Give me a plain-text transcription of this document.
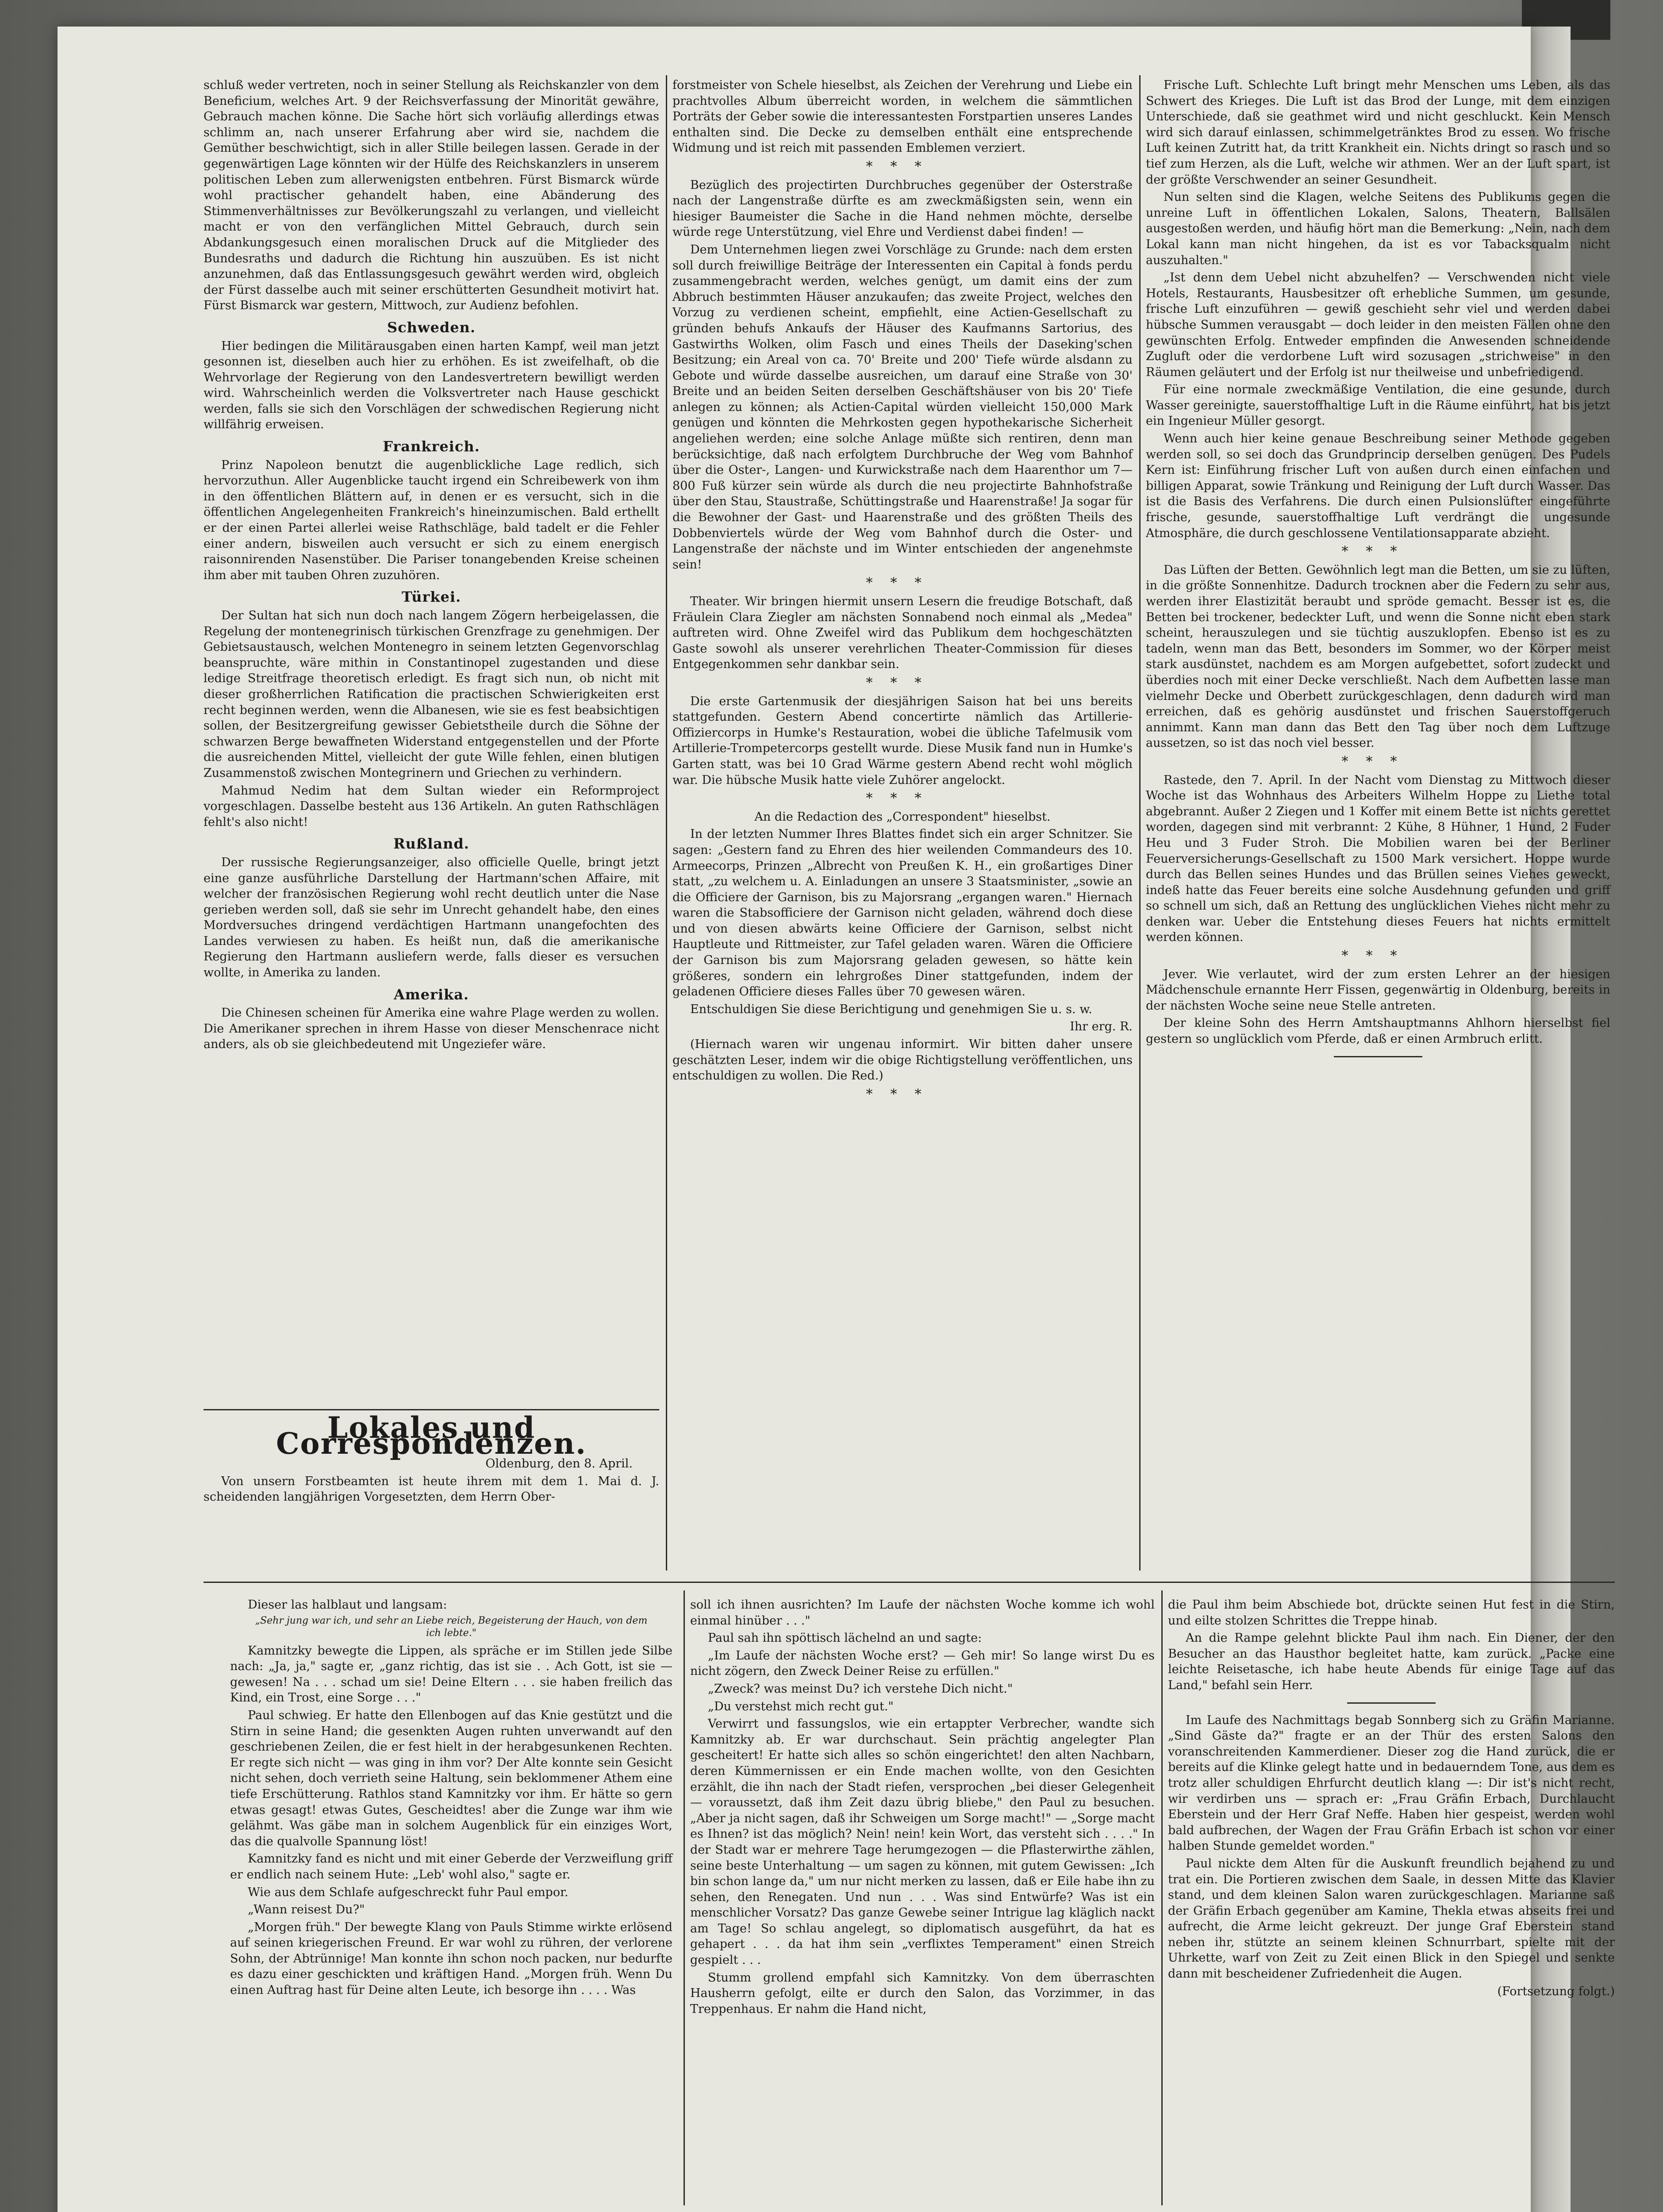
schluß weder vertreten, noch in seiner Stellung als Reichskanzler von dem Beneficium, welches Art. 9 der Reichsverfassung der Minorität gewähre, Gebrauch machen könne. Die Sache hört sich vorläufig allerdings etwas schlimm an, nach unserer Erfahrung aber wird sie, nachdem die Gemüther beschwichtigt, sich in aller Stille beilegen lassen. Gerade in der gegenwärtigen Lage könnten wir der Hülfe des Reichskanzlers in unserem politischen Leben zum allerwenigsten entbehren. Fürst Bismarck würde wohl practischer gehandelt haben, eine Abänderung des Stimmenverhältnisses zur Bevölkerungszahl zu verlangen, und vielleicht macht er von den verfänglichen Mittel Gebrauch, durch sein Abdankungsgesuch einen moralischen Druck auf die Mitglieder des Bundesraths und dadurch die Richtung hin auszuüben. Es ist nicht anzunehmen, daß das Entlassungsgesuch gewährt werden wird, obgleich der Fürst dasselbe auch mit seiner erschütterten Gesundheit motivirt hat. Fürst Bismarck war gestern, Mittwoch, zur Audienz befohlen.

Schweden.

Hier bedingen die Militärausgaben einen harten Kampf, weil man jetzt gesonnen ist, dieselben auch hier zu erhöhen. Es ist zweifelhaft, ob die Wehrvorlage der Regierung von den Landesvertretern bewilligt werden wird. Wahrscheinlich werden die Volksvertreter nach Hause geschickt werden, falls sie sich den Vorschlägen der schwedischen Regierung nicht willfährig erweisen.

Frankreich.

Prinz Napoleon benutzt die augenblickliche Lage redlich, sich hervorzuthun. Aller Augenblicke taucht irgend ein Schreibewerk von ihm in den öffentlichen Blättern auf, in denen er es versucht, sich in die öffentlichen Angelegenheiten Frankreich's hineinzumischen. Bald erthellt er der einen Partei allerlei weise Rathschläge, bald tadelt er die Fehler einer andern, bisweilen auch versucht er sich zu einem energisch raisonnirenden Nasenstüber. Die Pariser tonangebenden Kreise scheinen ihm aber mit tauben Ohren zuzuhören.

Türkei.

Der Sultan hat sich nun doch nach langem Zögern herbeigelassen, die Regelung der montenegrinisch türkischen Grenzfrage zu genehmigen. Der Gebietsaustausch, welchen Montenegro in seinem letzten Gegenvorschlag beanspruchte, wäre mithin in Constantinopel zugestanden und diese ledige Streitfrage theoretisch erledigt. Es fragt sich nun, ob nicht mit dieser großherrlichen Ratification die practischen Schwierigkeiten erst recht beginnen werden, wenn die Albanesen, wie sie es fest beabsichtigen sollen, der Besitzergreifung gewisser Gebietstheile durch die Söhne der schwarzen Berge bewaffneten Widerstand entgegenstellen und der Pforte die ausreichenden Mittel, vielleicht der gute Wille fehlen, einen blutigen Zusammenstoß zwischen Montegrinern und Griechen zu verhindern.

Mahmud Nedim hat dem Sultan wieder ein Reformproject vorgeschlagen. Dasselbe besteht aus 136 Artikeln. An guten Rathschlägen fehlt's also nicht!

Rußland.

Der russische Regierungsanzeiger, also officielle Quelle, bringt jetzt eine ganze ausführliche Darstellung der Hartmann'schen Affaire, mit welcher der französischen Regierung wohl recht deutlich unter die Nase gerieben werden soll, daß sie sehr im Unrecht gehandelt habe, den eines Mordversuches dringend verdächtigen Hartmann unangefochten des Landes verwiesen zu haben. Es heißt nun, daß die amerikanische Regierung den Hartmann ausliefern werde, falls dieser es versuchen wollte, in Amerika zu landen.

Amerika.

Die Chinesen scheinen für Amerika eine wahre Plage werden zu wollen. Die Amerikaner sprechen in ihrem Hasse von dieser Menschenrace nicht anders, als ob sie gleichbedeutend mit Ungeziefer wäre.

Lokales und Correspondenzen.
Oldenburg, den 8. April.

Von unsern Forstbeamten ist heute ihrem mit dem 1. Mai d. J. scheidenden langjährigen Vorgesetzten, dem Herrn Ober-

forstmeister von Schele hieselbst, als Zeichen der Verehrung und Liebe ein prachtvolles Album überreicht worden, in welchem die sämmtlichen Porträts der Geber sowie die interessantesten Forstpartien unseres Landes enthalten sind. Die Decke zu demselben enthält eine entsprechende Widmung und ist reich mit passenden Emblemen verziert.

***

Bezüglich des projectirten Durchbruches gegenüber der Osterstraße nach der Langenstraße dürfte es am zweckmäßigsten sein, wenn ein hiesiger Baumeister die Sache in die Hand nehmen möchte, derselbe würde rege Unterstützung, viel Ehre und Verdienst dabei finden! —

Dem Unternehmen liegen zwei Vorschläge zu Grunde: nach dem ersten soll durch freiwillige Beiträge der Interessenten ein Capital à fonds perdu zusammengebracht werden, welches genügt, um damit eins der zum Abbruch bestimmten Häuser anzukaufen; das zweite Project, welches den Vorzug zu verdienen scheint, empfiehlt, eine Actien-Gesellschaft zu gründen behufs Ankaufs der Häuser des Kaufmanns Sartorius, des Gastwirths Wolken, olim Fasch und eines Theils der Daseking'schen Besitzung; ein Areal von ca. 70' Breite und 200' Tiefe würde alsdann zu Gebote und würde dasselbe ausreichen, um darauf eine Straße von 30' Breite und an beiden Seiten derselben Geschäftshäuser von bis 20' Tiefe anlegen zu können; als Actien-Capital würden vielleicht 150,000 Mark genügen und könnten die Mehrkosten gegen hypothekarische Sicherheit angeliehen werden; eine solche Anlage müßte sich rentiren, denn man berücksichtige, daß nach erfolgtem Durchbruche der Weg vom Bahnhof über die Oster-, Langen- und Kurwickstraße nach dem Haarenthor um 7—800 Fuß kürzer sein würde als durch die neu projectirte Bahnhofstraße über den Stau, Staustraße, Schüttingstraße und Haarenstraße! Ja sogar für die Bewohner der Gast- und Haarenstraße und des größten Theils des Dobbenviertels würde der Weg vom Bahnhof durch die Oster- und Langenstraße der nächste und im Winter entschieden der angenehmste sein!

***

Theater. Wir bringen hiermit unsern Lesern die freudige Botschaft, daß Fräulein Clara Ziegler am nächsten Sonnabend noch einmal als „Medea" auftreten wird. Ohne Zweifel wird das Publikum dem hochgeschätzten Gaste sowohl als unserer verehrlichen Theater-Commission für dieses Entgegenkommen sehr dankbar sein.

***

Die erste Gartenmusik der diesjährigen Saison hat bei uns bereits stattgefunden. Gestern Abend concertirte nämlich das Artillerie-Offiziercorps in Humke's Restauration, wobei die übliche Tafelmusik vom Artillerie-Trompetercorps gestellt wurde. Diese Musik fand nun in Humke's Garten statt, was bei 10 Grad Wärme gestern Abend recht wohl möglich war. Die hübsche Musik hatte viele Zuhörer angelockt.

***

An die Redaction des „Correspondent" hieselbst.

In der letzten Nummer Ihres Blattes findet sich ein arger Schnitzer. Sie sagen: „Gestern fand zu Ehren des hier weilenden Commandeurs des 10. Armeecorps, Prinzen „Albrecht von Preußen K. H., ein großartiges Diner statt, „zu welchem u. A. Einladungen an unsere 3 Staatsminister, „sowie an die Officiere der Garnison, bis zu Majorsrang „ergangen waren." Hiernach waren die Stabsofficiere der Garnison nicht geladen, während doch diese und von diesen abwärts keine Officiere der Garnison, selbst nicht Hauptleute und Rittmeister, zur Tafel geladen waren. Wären die Officiere der Garnison bis zum Majorsrang geladen gewesen, so hätte kein größeres, sondern ein lehrgroßes Diner stattgefunden, indem der geladenen Officiere dieses Falles über 70 gewesen wären.

Entschuldigen Sie diese Berichtigung und genehmigen Sie u. s. w.

Ihr erg. R.

(Hiernach waren wir ungenau informirt. Wir bitten daher unsere geschätzten Leser, indem wir die obige Richtigstellung veröffentlichen, uns entschuldigen zu wollen. Die Red.)

***

Frische Luft. Schlechte Luft bringt mehr Menschen ums Leben, als das Schwert des Krieges. Die Luft ist das Brod der Lunge, mit dem einzigen Unterschiede, daß sie geathmet wird und nicht geschluckt. Kein Mensch wird sich darauf einlassen, schimmelgetränktes Brod zu essen. Wo frische Luft keinen Zutritt hat, da tritt Krankheit ein. Nichts dringt so rasch und so tief zum Herzen, als die Luft, welche wir athmen. Wer an der Luft spart, ist der größte Verschwender an seiner Gesundheit.

Nun selten sind die Klagen, welche Seitens des Publikums gegen die unreine Luft in öffentlichen Lokalen, Salons, Theatern, Ballsälen ausgestoßen werden, und häufig hört man die Bemerkung: „Nein, nach dem Lokal kann man nicht hingehen, da ist es vor Tabacksqualm nicht auszuhalten."

„Ist denn dem Uebel nicht abzuhelfen? — Verschwenden nicht viele Hotels, Restaurants, Hausbesitzer oft erhebliche Summen, um gesunde, frische Luft einzuführen — gewiß geschieht sehr viel und werden dabei hübsche Summen verausgabt — doch leider in den meisten Fällen ohne den gewünschten Erfolg. Entweder empfinden die Anwesenden schneidende Zugluft oder die verdorbene Luft wird sozusagen „strichweise" in den Räumen geläutert und der Erfolg ist nur theilweise und unbefriedigend.

Für eine normale zweckmäßige Ventilation, die eine gesunde, durch Wasser gereinigte, sauerstoffhaltige Luft in die Räume einführt, hat bis jetzt ein Ingenieur Müller gesorgt.

Wenn auch hier keine genaue Beschreibung seiner Methode gegeben werden soll, so sei doch das Grundprincip derselben genügen. Des Pudels Kern ist: Einführung frischer Luft von außen durch einen einfachen und billigen Apparat, sowie Tränkung und Reinigung der Luft durch Wasser. Das ist die Basis des Verfahrens. Die durch einen Pulsionslüfter eingeführte frische, gesunde, sauerstoffhaltige Luft verdrängt die ungesunde Atmosphäre, die durch geschlossene Ventilationsapparate abzieht.

***

Das Lüften der Betten. Gewöhnlich legt man die Betten, um sie zu lüften, in die größte Sonnenhitze. Dadurch trocknen aber die Federn zu sehr aus, werden ihrer Elastizität beraubt und spröde gemacht. Besser ist es, die Betten bei trockener, bedeckter Luft, und wenn die Sonne nicht eben stark scheint, herauszulegen und sie tüchtig auszuklopfen. Ebenso ist es zu tadeln, wenn man das Bett, besonders im Sommer, wo der Körper meist stark ausdünstet, nachdem es am Morgen aufgebettet, sofort zudeckt und überdies noch mit einer Decke verschließt. Nach dem Aufbetten lasse man vielmehr Decke und Oberbett zurückgeschlagen, denn dadurch wird man erreichen, daß es gehörig ausdünstet und frischen Sauerstoffgeruch annimmt. Kann man dann das Bett den Tag über noch dem Luftzuge aussetzen, so ist das noch viel besser.

***

Rastede, den 7. April. In der Nacht vom Dienstag zu Mittwoch dieser Woche ist das Wohnhaus des Arbeiters Wilhelm Hoppe zu Liethe total abgebrannt. Außer 2 Ziegen und 1 Koffer mit einem Bette ist nichts gerettet worden, dagegen sind mit verbrannt: 2 Kühe, 8 Hühner, 1 Hund, 2 Fuder Heu und 3 Fuder Stroh. Die Mobilien waren bei der Berliner Feuerversicherungs-Gesellschaft zu 1500 Mark versichert. Hoppe wurde durch das Bellen seines Hundes und das Brüllen seines Viehes geweckt, indeß hatte das Feuer bereits eine solche Ausdehnung gefunden und griff so schnell um sich, daß an Rettung des unglücklichen Viehes nicht mehr zu denken war. Ueber die Entstehung dieses Feuers hat nichts ermittelt werden können.

***

Jever. Wie verlautet, wird der zum ersten Lehrer an der hiesigen Mädchenschule ernannte Herr Fissen, gegenwärtig in Oldenburg, bereits in der nächsten Woche seine neue Stelle antreten.

Der kleine Sohn des Herrn Amtshauptmanns Ahlhorn hierselbst fiel gestern so unglücklich vom Pferde, daß er einen Armbruch erlitt.

Dieser las halblaut und langsam:

„Sehr jung war ich, und sehr an Liebe reich, Begeisterung der Hauch, von dem ich lebte."

Kamnitzky bewegte die Lippen, als spräche er im Stillen jede Silbe nach: „Ja, ja," sagte er, „ganz richtig, das ist sie . . Ach Gott, ist sie — gewesen! Na . . . schad um sie! Deine Eltern . . . sie haben freilich das Kind, ein Trost, eine Sorge . . ."

Paul schwieg. Er hatte den Ellenbogen auf das Knie gestützt und die Stirn in seine Hand; die gesenkten Augen ruhten unverwandt auf den geschriebenen Zeilen, die er fest hielt in der herabgesunkenen Rechten. Er regte sich nicht — was ging in ihm vor? Der Alte konnte sein Gesicht nicht sehen, doch verrieth seine Haltung, sein beklommener Athem eine tiefe Erschütterung. Rathlos stand Kamnitzky vor ihm. Er hätte so gern etwas gesagt! etwas Gutes, Gescheidtes! aber die Zunge war ihm wie gelähmt. Was gäbe man in solchem Augenblick für ein einziges Wort, das die qualvolle Spannung löst!

Kamnitzky fand es nicht und mit einer Geberde der Verzweiflung griff er endlich nach seinem Hute: „Leb' wohl also," sagte er.

Wie aus dem Schlafe aufgeschreckt fuhr Paul empor.

„Wann reisest Du?"

„Morgen früh." Der bewegte Klang von Pauls Stimme wirkte erlösend auf seinen kriegerischen Freund. Er war wohl zu rühren, der verlorene Sohn, der Abtrünnige! Man konnte ihn schon noch packen, nur bedurfte es dazu einer geschickten und kräftigen Hand. „Morgen früh. Wenn Du einen Auftrag hast für Deine alten Leute, ich besorge ihn . . . . Was

soll ich ihnen ausrichten? Im Laufe der nächsten Woche komme ich wohl einmal hinüber . . ."

Paul sah ihn spöttisch lächelnd an und sagte:

„Im Laufe der nächsten Woche erst? — Geh mir! So lange wirst Du es nicht zögern, den Zweck Deiner Reise zu erfüllen."

„Zweck? was meinst Du? ich verstehe Dich nicht."

„Du verstehst mich recht gut."

Verwirrt und fassungslos, wie ein ertappter Verbrecher, wandte sich Kamnitzky ab. Er war durchschaut. Sein prächtig angelegter Plan gescheitert! Er hatte sich alles so schön eingerichtet! den alten Nachbarn, deren Kümmernissen er ein Ende machen wollte, von den Gesichten erzählt, die ihn nach der Stadt riefen, versprochen „bei dieser Gelegenheit — voraussetzt, daß ihm Zeit dazu übrig bliebe," den Paul zu besuchen. „Aber ja nicht sagen, daß ihr Schweigen um Sorge macht!" — „Sorge macht es Ihnen? ist das möglich? Nein! nein! kein Wort, das versteht sich . . . ." In der Stadt war er mehrere Tage herumgezogen — die Pflasterwirthe zählen, seine beste Unterhaltung — um sagen zu können, mit gutem Gewissen: „Ich bin schon lange da," um nur nicht merken zu lassen, daß er Eile habe ihn zu sehen, den Renegaten. Und nun . . . Was sind Entwürfe? Was ist ein menschlicher Vorsatz? Das ganze Gewebe seiner Intrigue lag kläglich nackt am Tage! So schlau angelegt, so diplomatisch ausgeführt, da hat es gehapert . . . da hat ihm sein „verflixtes Temperament" einen Streich gespielt . . .

Stumm grollend empfahl sich Kamnitzky. Von dem überraschten Hausherrn gefolgt, eilte er durch den Salon, das Vorzimmer, in das Treppenhaus. Er nahm die Hand nicht,

die Paul ihm beim Abschiede bot, drückte seinen Hut fest in die Stirn, und eilte stolzen Schrittes die Treppe hinab.

An die Rampe gelehnt blickte Paul ihm nach. Ein Diener, der den Besucher an das Hausthor begleitet hatte, kam zurück. „Packe eine leichte Reisetasche, ich habe heute Abends für einige Tage auf das Land," befahl sein Herr.

Im Laufe des Nachmittags begab Sonnberg sich zu Gräfin Marianne. „Sind Gäste da?" fragte er an der Thür des ersten Salons den voranschreitenden Kammerdiener. Dieser zog die Hand zurück, die er bereits auf die Klinke gelegt hatte und in bedauerndem Tone, aus dem es trotz aller schuldigen Ehrfurcht deutlich klang —: Dir ist's nicht recht, wir verdirben uns — sprach er: „Frau Gräfin Erbach, Durchlaucht Eberstein und der Herr Graf Neffe. Haben hier gespeist, werden wohl bald aufbrechen, der Wagen der Frau Gräfin Erbach ist schon vor einer halben Stunde gemeldet worden."

Paul nickte dem Alten für die Auskunft freundlich bejahend zu und trat ein. Die Portieren zwischen dem Saale, in dessen Mitte das Klavier stand, und dem kleinen Salon waren zurückgeschlagen. Marianne saß der Gräfin Erbach gegenüber am Kamine, Thekla etwas abseits frei und aufrecht, die Arme leicht gekreuzt. Der junge Graf Eberstein stand neben ihr, stützte an seinem kleinen Schnurrbart, spielte mit der Uhrkette, warf von Zeit zu Zeit einen Blick in den Spiegel und senkte dann mit bescheidener Zufriedenheit die Augen.

(Fortsetzung folgt.)
